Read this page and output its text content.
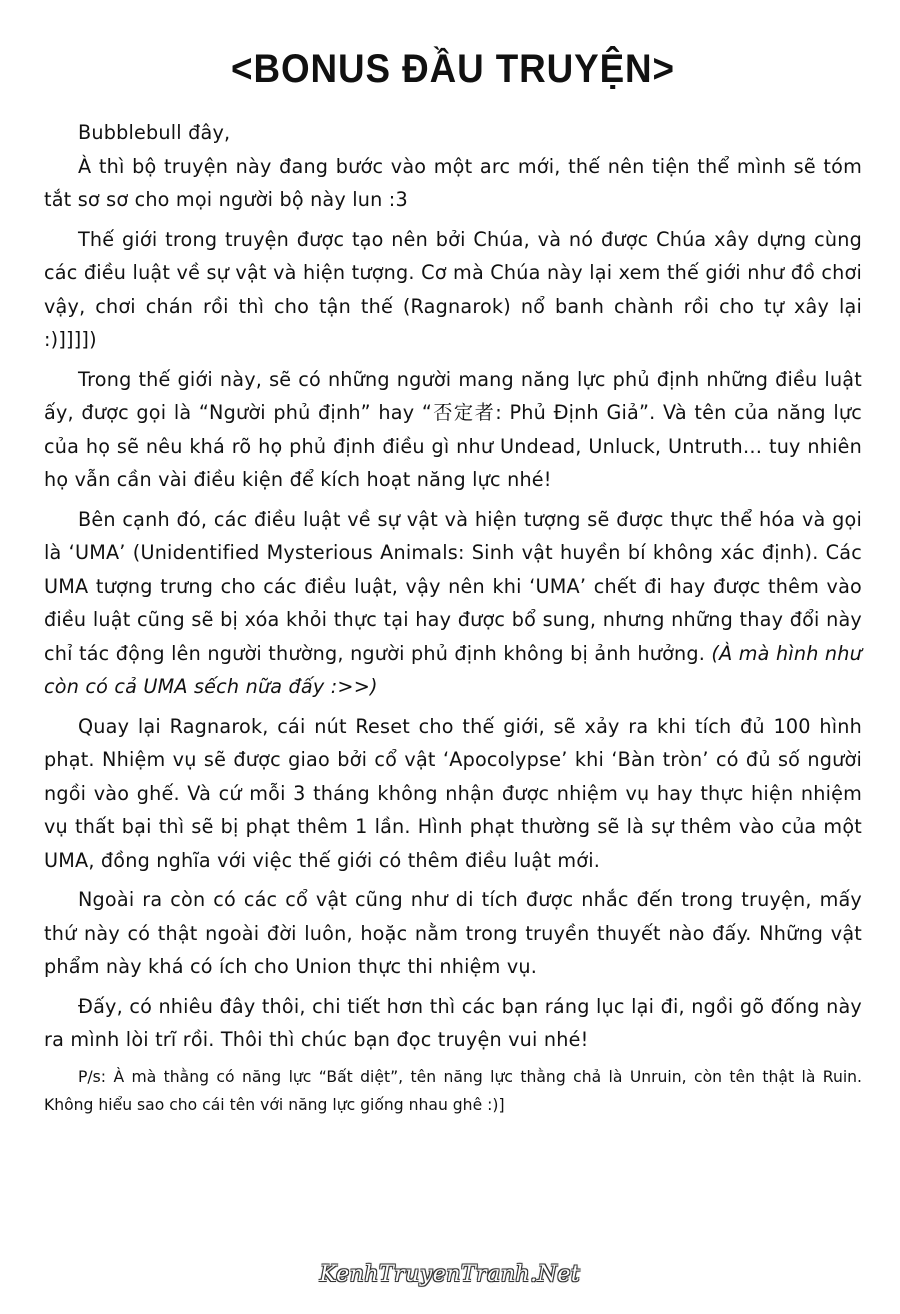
<BONUS ĐẦU TRUYỆN>

Bubblebull đây,

À thì bộ truyện này đang bước vào một arc mới, thế nên tiện thể mình sẽ tóm tắt sơ sơ cho mọi người bộ này lun :3

Thế giới trong truyện được tạo nên bởi Chúa, và nó được Chúa xây dựng cùng các điều luật về sự vật và hiện tượng. Cơ mà Chúa này lại xem thế giới như đồ chơi vậy, chơi chán rồi thì cho tận thế (Ragnarok) nổ banh chành rồi cho tự xây lại :)]]]])

Trong thế giới này, sẽ có những người mang năng lực phủ định những điều luật ấy, được gọi là “Người phủ định” hay “否定者: Phủ Định Giả”. Và tên của năng lực của họ sẽ nêu khá rõ họ phủ định điều gì như Undead, Unluck, Untruth… tuy nhiên họ vẫn cần vài điều kiện để kích hoạt năng lực nhé!

Bên cạnh đó, các điều luật về sự vật và hiện tượng sẽ được thực thể hóa và gọi là ‘UMA’ (Unidentified Mysterious Animals: Sinh vật huyền bí không xác định). Các UMA tượng trưng cho các điều luật, vậy nên khi ‘UMA’ chết đi hay được thêm vào điều luật cũng sẽ bị xóa khỏi thực tại hay được bổ sung, nhưng những thay đổi này chỉ tác động lên người thường, người phủ định không bị ảnh hưởng. (À mà hình như còn có cả UMA sếch nữa đấy :>>)

Quay lại Ragnarok, cái nút Reset cho thế giới, sẽ xảy ra khi tích đủ 100 hình phạt. Nhiệm vụ sẽ được giao bởi cổ vật ‘Apocolypse’ khi ‘Bàn tròn’ có đủ số người ngồi vào ghế. Và cứ mỗi 3 tháng không nhận được nhiệm vụ hay thực hiện nhiệm vụ thất bại thì sẽ bị phạt thêm 1 lần. Hình phạt thường sẽ là sự thêm vào của một UMA, đồng nghĩa với việc thế giới có thêm điều luật mới.

Ngoài ra còn có các cổ vật cũng như di tích được nhắc đến trong truyện, mấy thứ này có thật ngoài đời luôn, hoặc nằm trong truyền thuyết nào đấy. Những vật phẩm này khá có ích cho Union thực thi nhiệm vụ.

Đấy, có nhiêu đây thôi, chi tiết hơn thì các bạn ráng lục lại đi, ngồi gõ đống này ra mình lòi trĩ rồi. Thôi thì chúc bạn đọc truyện vui nhé!

P/s: À mà thằng có năng lực “Bất diệt”, tên năng lực thằng chả là Unruin, còn tên thật là Ruin. Không hiểu sao cho cái tên với năng lực giống nhau ghê :)]

KenhTruyenTranh.Net
